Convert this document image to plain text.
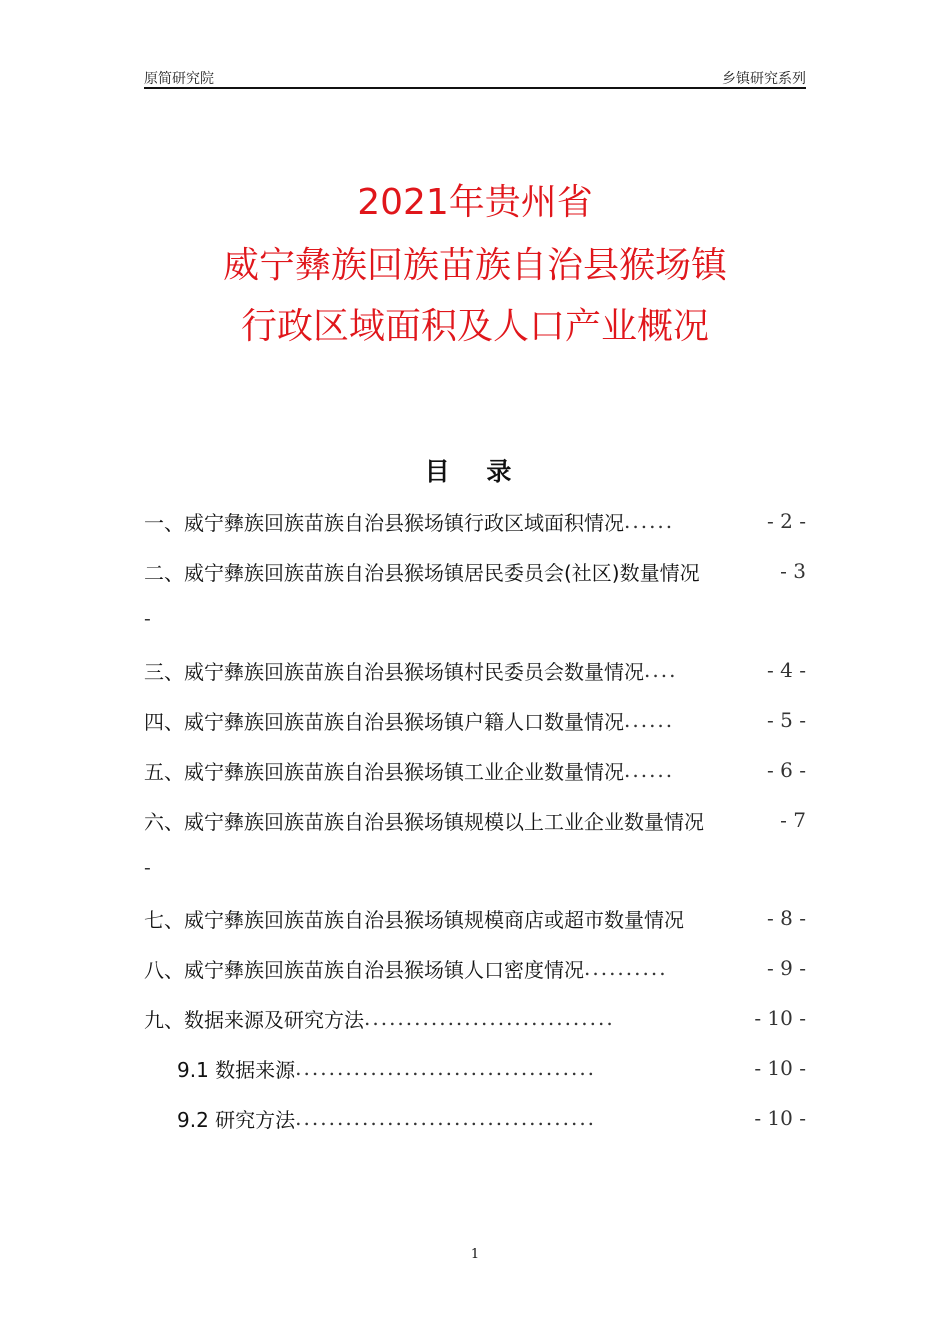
原简研究院	乡镇研究系列
2021年贵州省
威宁彝族回族苗族自治县猴场镇
行政区域面积及人口产业概况
目 录
一、威宁彝族回族苗族自治县猴场镇行政区域面积情况 ......	- 2 -
二、威宁彝族回族苗族自治县猴场镇居民委员会(社区)数量情况	- 3
-
三、威宁彝族回族苗族自治县猴场镇村民委员会数量情况 ....	- 4 -
四、威宁彝族回族苗族自治县猴场镇户籍人口数量情况 ......	- 5 -
五、威宁彝族回族苗族自治县猴场镇工业企业数量情况 ......	- 6 -
六、威宁彝族回族苗族自治县猴场镇规模以上工业企业数量情况	- 7
-
七、威宁彝族回族苗族自治县猴场镇规模商店或超市数量情况	- 8 -
八、威宁彝族回族苗族自治县猴场镇人口密度情况 ..........	- 9 -
九、数据来源及研究方法 ..............................	- 10 -
9.1 数据来源 ....................................	- 10 -
9.2 研究方法 ....................................	- 10 -
1
